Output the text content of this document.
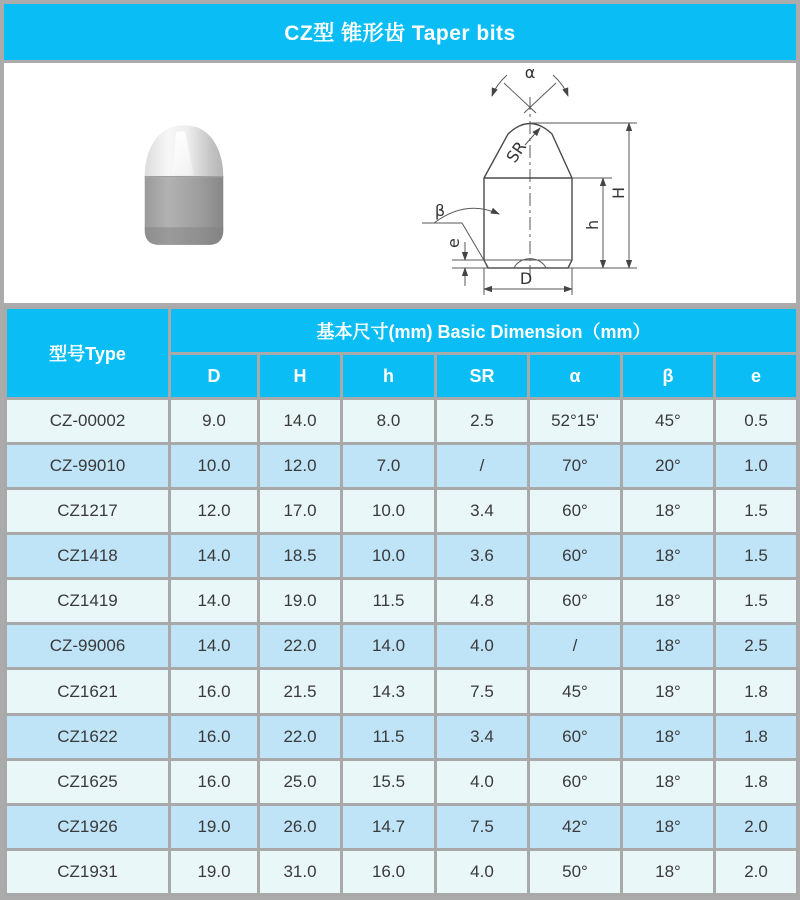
CZ型 锥形齿 Taper bits
α
SR
h
H
D
e
β
型号Type	基本尺寸(mm) Basic Dimension（mm）						
	D	H	h	SR	α	β	e
CZ-00002	9.0	14.0	8.0	2.5	52°15'	45°	0.5
CZ-99010	10.0	12.0	7.0	/	70°	20°	1.0
CZ1217	12.0	17.0	10.0	3.4	60°	18°	1.5
CZ1418	14.0	18.5	10.0	3.6	60°	18°	1.5
CZ1419	14.0	19.0	11.5	4.8	60°	18°	1.5
CZ-99006	14.0	22.0	14.0	4.0	/	18°	2.5
CZ1621	16.0	21.5	14.3	7.5	45°	18°	1.8
CZ1622	16.0	22.0	11.5	3.4	60°	18°	1.8
CZ1625	16.0	25.0	15.5	4.0	60°	18°	1.8
CZ1926	19.0	26.0	14.7	7.5	42°	18°	2.0
CZ1931	19.0	31.0	16.0	4.0	50°	18°	2.0
